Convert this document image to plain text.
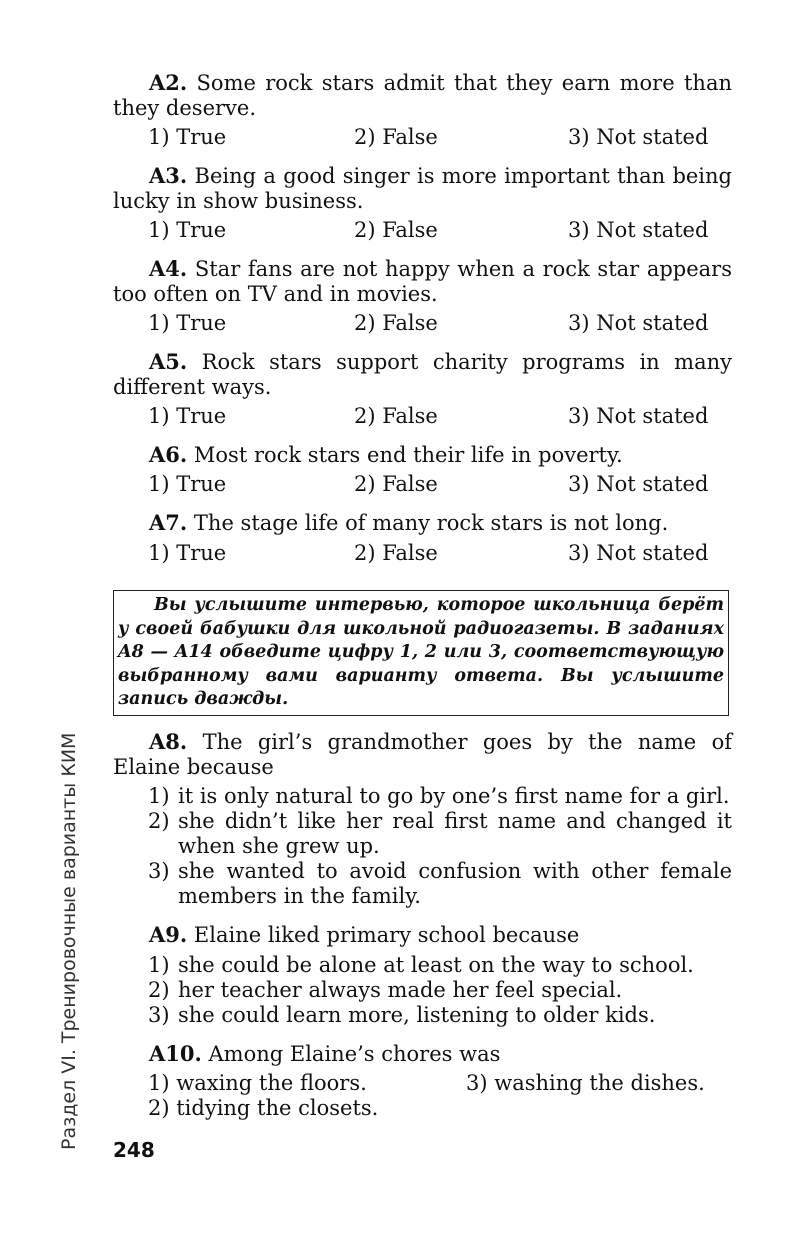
A2. Some rock stars admit that they earn more than they deserve.
1) True	2) False	3) Not stated
A3. Being a good singer is more important than being lucky in show business.
1) True	2) False	3) Not stated
A4. Star fans are not happy when a rock star appears too often on TV and in movies.
1) True	2) False	3) Not stated
A5. Rock stars support charity programs in many different ways.
1) True	2) False	3) Not stated
A6. Most rock stars end their life in poverty.
1) True	2) False	3) Not stated
A7. The stage life of many rock stars is not long.
1) True	2) False	3) Not stated

Вы услышите интервью, которое школьница берёт у своей бабушки для школьной радиогазеты. В заданиях A8 — A14 обведите цифру 1, 2 или 3, соответствующую выбранному вами варианту ответа. Вы услышите запись дважды.

A8. The girl’s grandmother goes by the name of Elaine because
1) it is only natural to go by one’s first name for a girl.
2) she didn’t like her real first name and changed it
when she grew up.
3) she wanted to avoid confusion with other female
members in the family.
A9. Elaine liked primary school because
1) she could be alone at least on the way to school.
2) her teacher always made her feel special.
3) she could learn more, listening to older kids.
A10. Among Elaine’s chores was
1) waxing the floors.	3) washing the dishes.
2) tidying the closets.
Раздел VI. Тренировочные варианты КИМ 248
